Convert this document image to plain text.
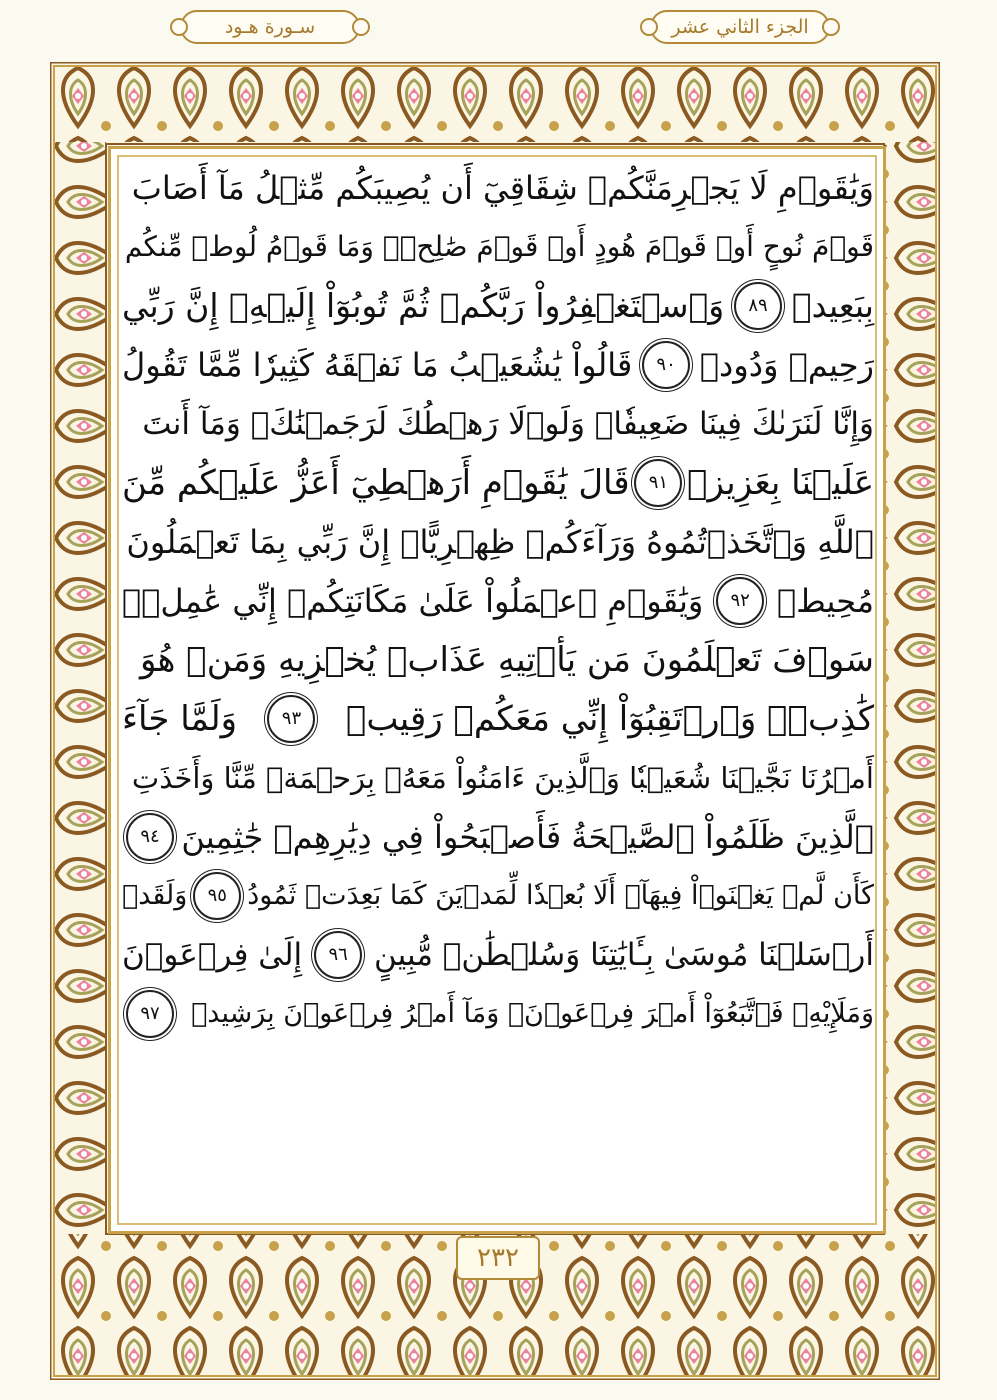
سـورة هـود	الجزء الثاني عشر
وَيَٰقَوۡمِ لَا يَجۡرِمَنَّكُمۡ شِقَاقِيٓ أَن يُصِيبَكُم مِّثۡلُ مَآ أَصَابَ
قَوۡمَ نُوحٍ أَوۡ قَوۡمَ هُودٍ أَوۡ قَوۡمَ صَٰلِحٖۚ وَمَا قَوۡمُ لُوطٖ مِّنكُم
بِبَعِيدٖ
٨٩
وَٱسۡتَغۡفِرُواْ رَبَّكُمۡ ثُمَّ تُوبُوٓاْ إِلَيۡهِۚ إِنَّ رَبِّي
رَحِيمٞ وَدُودٞ
٩٠
قَالُواْ يَٰشُعَيۡبُ مَا نَفۡقَهُ كَثِيرٗا مِّمَّا تَقُولُ
وَإِنَّا لَنَرَىٰكَ فِينَا ضَعِيفٗاۖ وَلَوۡلَا رَهۡطُكَ لَرَجَمۡنَٰكَۖ وَمَآ أَنتَ
عَلَيۡنَا بِعَزِيزٖ
٩١
قَالَ يَٰقَوۡمِ أَرَهۡطِيٓ أَعَزُّ عَلَيۡكُم مِّنَ
ٱللَّهِ وَٱتَّخَذۡتُمُوهُ وَرَآءَكُمۡ ظِهۡرِيًّاۖ إِنَّ رَبِّي بِمَا تَعۡمَلُونَ
مُحِيطٞ
٩٢
وَيَٰقَوۡمِ ٱعۡمَلُواْ عَلَىٰ مَكَانَتِكُمۡ إِنِّي عَٰمِلٞۖ
سَوۡفَ تَعۡلَمُونَ مَن يَأۡتِيهِ عَذَابٞ يُخۡزِيهِ وَمَنۡ هُوَ
كَٰذِبٞۖ وَٱرۡتَقِبُوٓاْ إِنِّي مَعَكُمۡ رَقِيبٞ
٩٣
وَلَمَّا جَآءَ
أَمۡرُنَا نَجَّيۡنَا شُعَيۡبٗا وَٱلَّذِينَ ءَامَنُواْ مَعَهُۥ بِرَحۡمَةٖ مِّنَّا وَأَخَذَتِ
ٱلَّذِينَ ظَلَمُواْ ٱلصَّيۡحَةُ فَأَصۡبَحُواْ فِي دِيَٰرِهِمۡ جَٰثِمِينَ
٩٤
كَأَن لَّمۡ يَغۡنَوۡاْ فِيهَآۗ أَلَا بُعۡدٗا لِّمَدۡيَنَ كَمَا بَعِدَتۡ ثَمُودُ
٩٥
وَلَقَدۡ
أَرۡسَلۡنَا مُوسَىٰ بِـَٔايَٰتِنَا وَسُلۡطَٰنٖ مُّبِينٍ
٩٦
إِلَىٰ فِرۡعَوۡنَ
وَمَلَإِيْهِۦ فَٱتَّبَعُوٓاْ أَمۡرَ فِرۡعَوۡنَۖ وَمَآ أَمۡرُ فِرۡعَوۡنَ بِرَشِيدٖ
٩٧
٢٣٢
